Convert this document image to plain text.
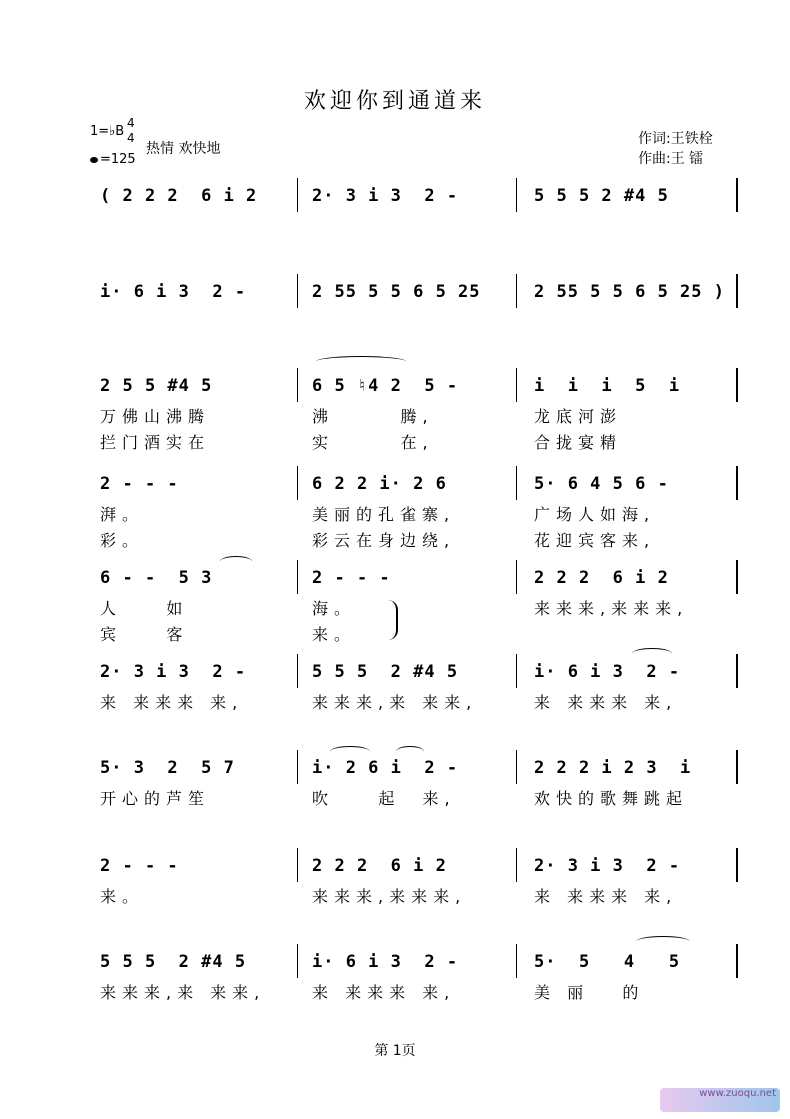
欢迎你到通道来
1=♭B
4
4
=125
热情 欢快地
作词:王铁栓
作曲:王 镭
( 2 2 2  6 i 2	2· 3 i 3  2 -	5 5 5 2 #4 5
i· 6 i 3  2 -	2 55 5 5 6 5 25	2 55 5 5 6 5 25 )
2 5 5 #4 5	6 5 ♮4 2  5 -	i  i  i  5  i
万佛山沸腾	沸      腾,	龙底河澎
拦门酒实在	实      在,	合拢宴精
2 - - -	6 2 2 i· 2 6	5· 6 4 5 6 -
湃。	美丽的孔雀寨,	广场人如海,
彩。	彩云在身边绕,	花迎宾客来,
6 - -  5 3	2 - - -	2 2 2  6 i 2
人    如	海。	来来来,来来来,
宾    客	来。
2· 3 i 3  2 -	5 5 5  2 #4 5	i· 6 i 3  2 -
来 来来来 来,	来来来,来 来来,	来 来来来 来,
5· 3  2  5 7	i· 2 6 i  2 -	2 2 2 i 2 3  i
开心的芦笙	吹    起  来,	欢快的歌舞跳起
2 - - -	2 2 2  6 i 2	2· 3 i 3  2 -
来。	来来来,来来来,	来 来来来 来,
5 5 5  2 #4 5	i· 6 i 3  2 -	5·  5   4   5
来来来,来 来来,	来 来来来 来,	美 丽   的
第 1页
www.zuoqu.net
